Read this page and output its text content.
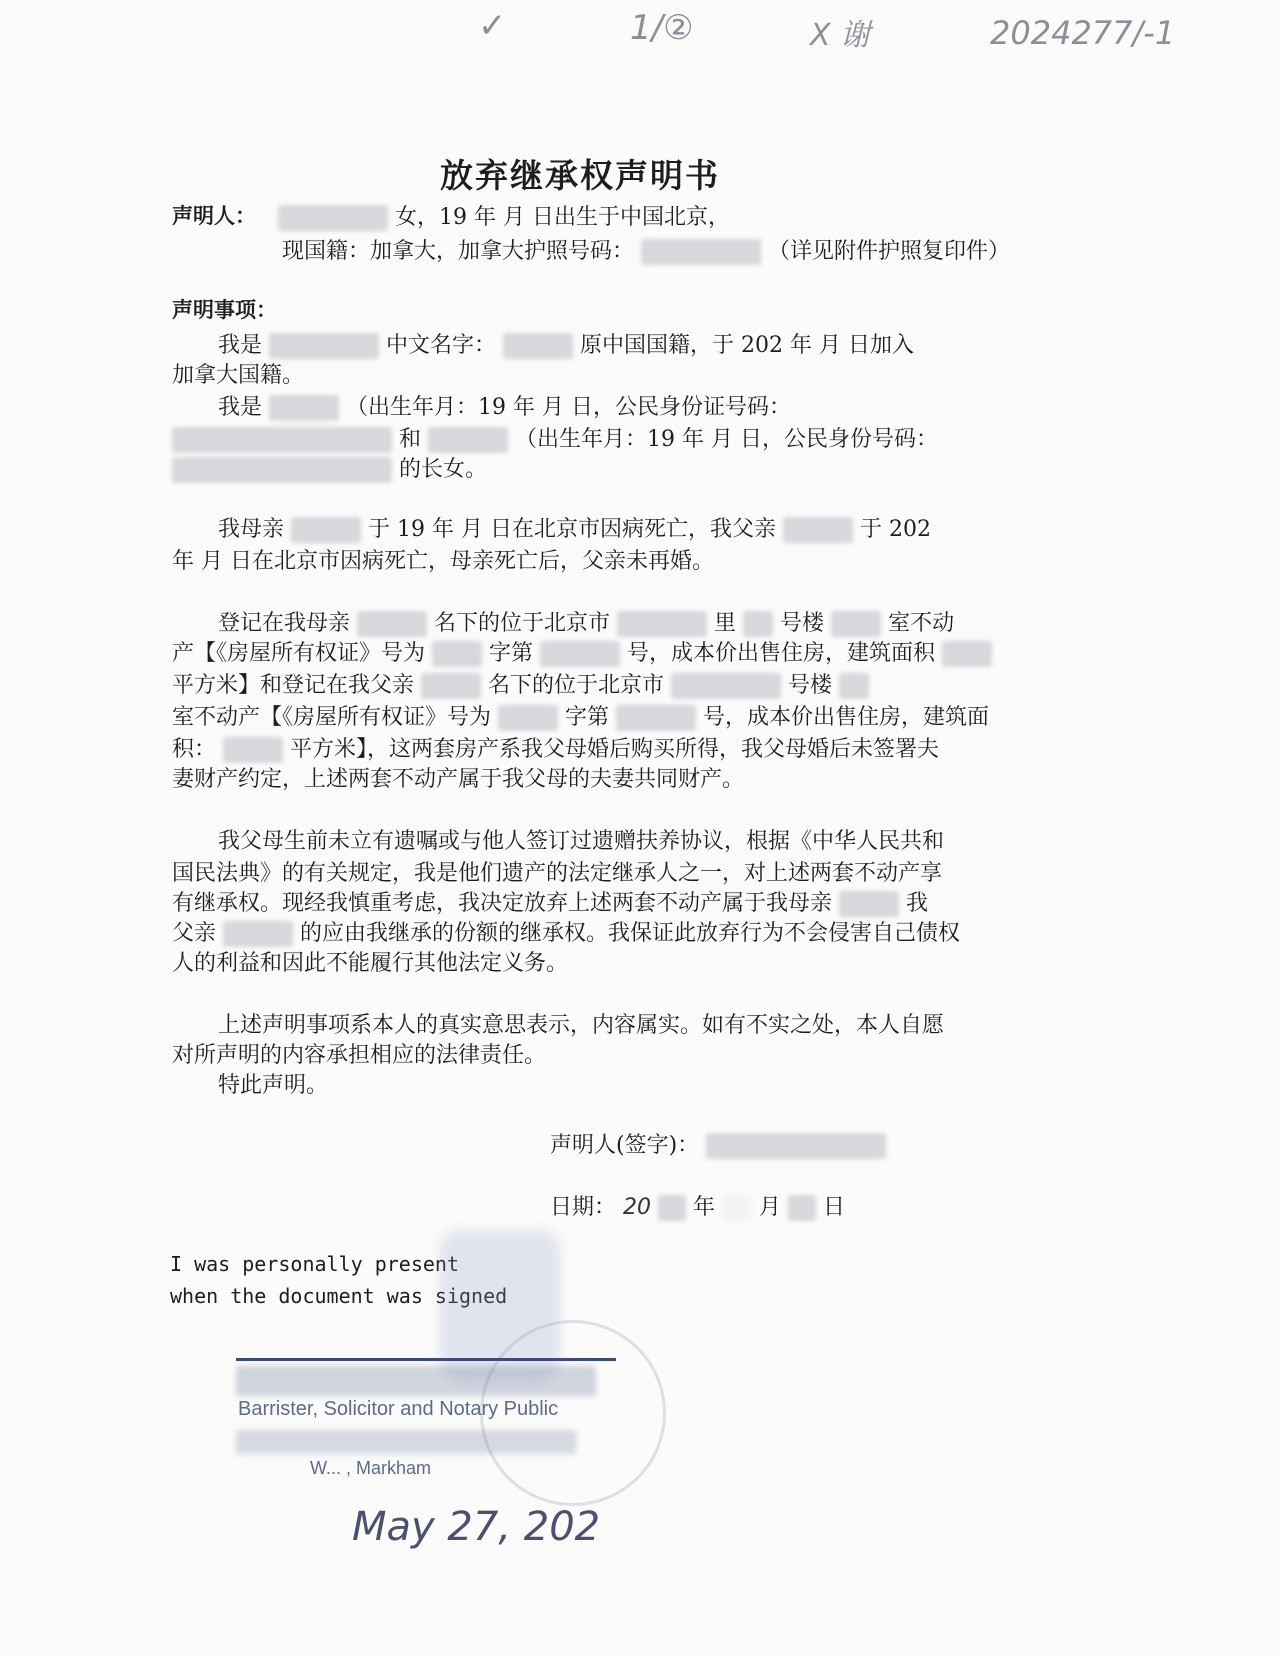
✓	1/②	X 谢	2024277/-1
放弃继承权声明书
声明人：	女，19 年 月 日出生于中国北京，
现国籍：加拿大，加拿大护照号码：	（详见附件护照复印件）
声明事项：
我是	中文名字：	原中国国籍，于 202 年 月 日加入
加拿大国籍。
我是	（出生年月：19 年 月 日，公民身份证号码：
和	（出生年月：19 年 月 日，公民身份号码：
的长女。
我母亲	于 19 年 月 日在北京市因病死亡，我父亲	于 202
年 月 日在北京市因病死亡，母亲死亡后，父亲未再婚。
登记在我母亲	名下的位于北京市	里 号楼	室不动
产【《房屋所有权证》号为	字第	号，成本价出售住房，建筑面积
平方米】和登记在我父亲	名下的位于北京市	号楼
室不动产【《房屋所有权证》号为	字第	号，成本价出售住房，建筑面
积：	平方米】，这两套房产系我父母婚后购买所得，我父母婚后未签署夫
妻财产约定，上述两套不动产属于我父母的夫妻共同财产。
我父母生前未立有遗嘱或与他人签订过遗赠扶养协议，根据《中华人民共和
国民法典》的有关规定，我是他们遗产的法定继承人之一，对上述两套不动产享
有继承权。现经我慎重考虑，我决定放弃上述两套不动产属于我母亲	我
父亲	的应由我继承的份额的继承权。我保证此放弃行为不会侵害自己债权
人的利益和因此不能履行其他法定义务。
上述声明事项系本人的真实意思表示，内容属实。如有不实之处，本人自愿
对所声明的内容承担相应的法律责任。
特此声明。
声明人(签字)：
日期： 20 年 月 日
I was personally present
when the document was signed
Barrister, Solicitor and Notary Public
W... , Markham
May 27, 202
